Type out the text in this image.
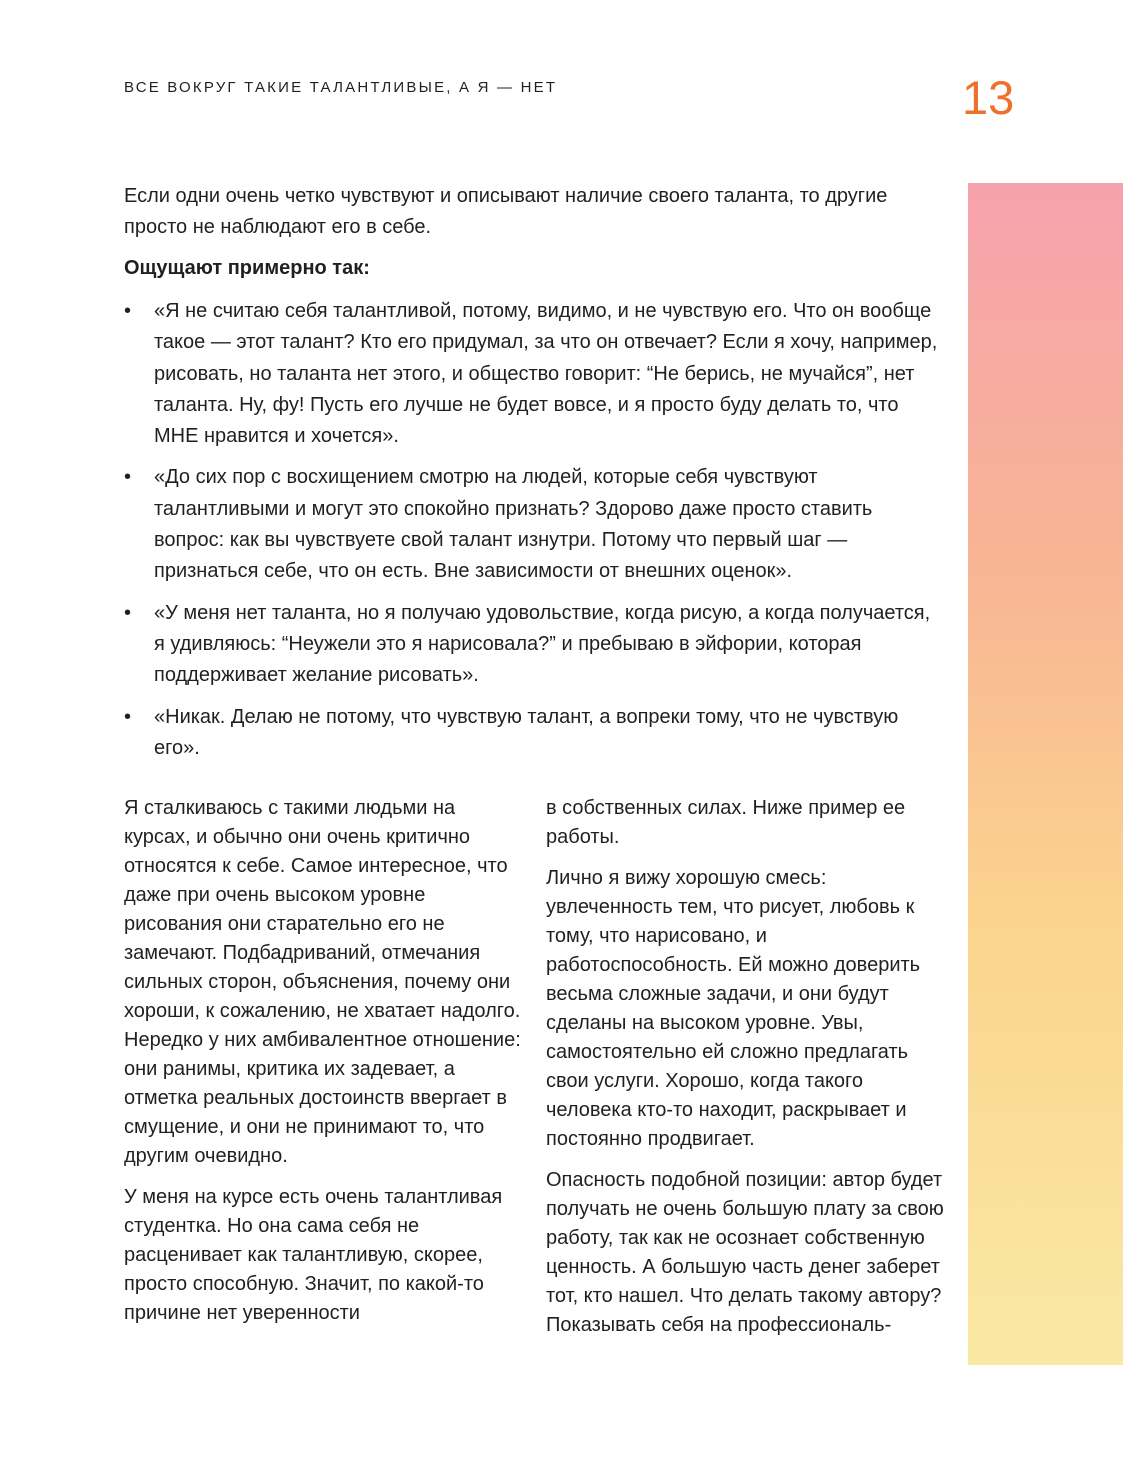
ВСЕ ВОКРУГ ТАКИЕ ТАЛАНТЛИВЫЕ, А Я — НЕТ	13

Если одни очень четко чувствуют и описывают наличие своего таланта, то другие просто не наблюдают его в себе.

Ощущают примерно так:

• «Я не считаю себя талантливой, потому, видимо, и не чувствую его. Что он вообще такое — этот талант? Кто его придумал, за что он отвечает? Если я хочу, например, рисовать, но таланта нет этого, и общество говорит: “Не берись, не мучайся”, нет таланта. Ну, фу! Пусть его лучше не будет вовсе, и я просто буду делать то, что МНЕ нравится и хочется».
• «До сих пор с восхищением смотрю на людей, которые себя чувствуют талантливыми и могут это спокойно признать? Здорово даже просто ставить вопрос: как вы чувствуете свой талант изнутри. Потому что первый шаг — признаться себе, что он есть. Вне зависимости от внешних оценок».
• «У меня нет таланта, но я получаю удовольствие, когда рисую, а когда получается, я удивляюсь: “Неужели это я нарисовала?” и пребываю в эйфории, которая поддерживает желание рисовать».
• «Никак. Делаю не потому, что чувствую талант, а вопреки тому, что не чувствую его».

Я сталкиваюсь с такими людьми на курсах, и обычно они очень критично относятся к себе. Самое интересное, что даже при очень высоком уровне рисования они старательно его не замечают. Подбадриваний, отмечания сильных сторон, объяснения, почему они хороши, к сожалению, не хватает надолго. Нередко у них амбивалентное отношение: они ранимы, критика их задевает, а отметка реальных достоинств ввергает в смущение, и они не принимают то, что другим очевидно.

У меня на курсе есть очень талантливая студентка. Но она сама себя не расценивает как талантливую, скорее, просто способную. Значит, по какой-то причине нет уверенности

в собственных силах. Ниже пример ее работы.

Лично я вижу хорошую смесь: увлеченность тем, что рисует, любовь к тому, что нарисовано, и работоспособность. Ей можно доверить весьма сложные задачи, и они будут сделаны на высоком уровне. Увы, самостоятельно ей сложно предлагать свои услуги. Хорошо, когда такого человека кто-то находит, раскрывает и постоянно продвигает.

Опасность подобной позиции: автор будет получать не очень большую плату за свою работу, так как не осознает собственную ценность. А большую часть денег заберет тот, кто нашел. Что делать такому автору? Показывать себя на профессиональ-
